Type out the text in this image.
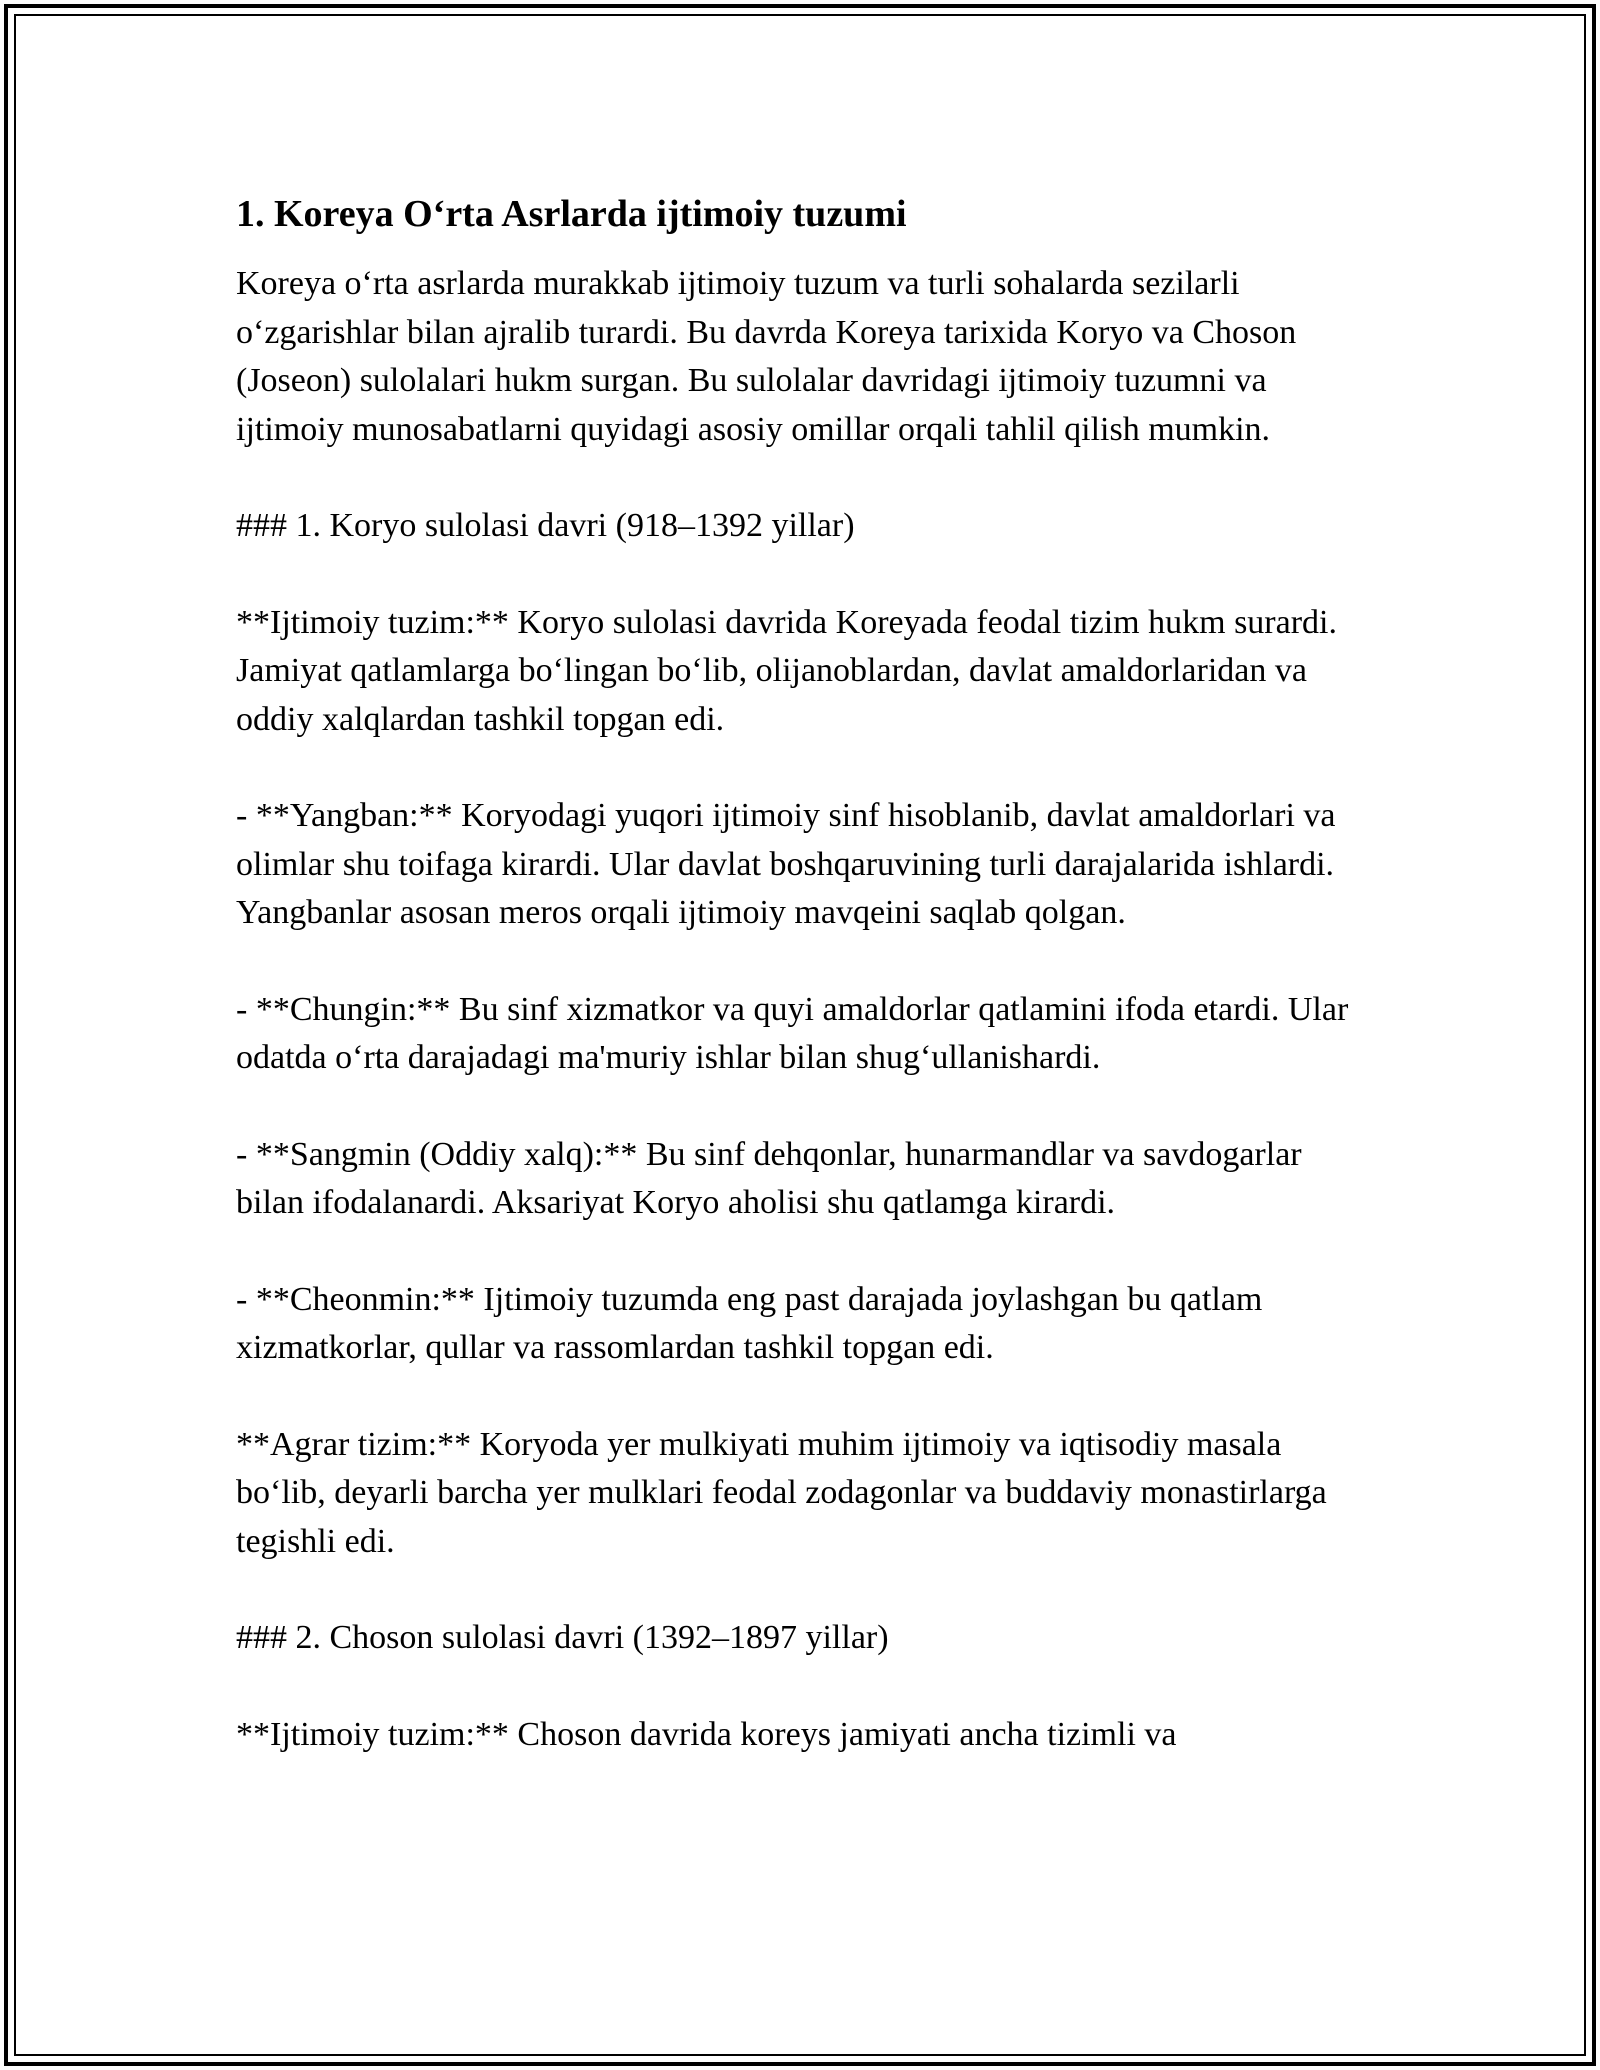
1. Koreya O‘rta Asrlarda ijtimoiy tuzumi

Koreya o‘rta asrlarda murakkab ijtimoiy tuzum va turli sohalarda sezilarli o‘zgarishlar bilan ajralib turardi. Bu davrda Koreya tarixida Koryo va Choson (Joseon) sulolalari hukm surgan. Bu sulolalar davridagi ijtimoiy tuzumni va ijtimoiy munosabatlarni quyidagi asosiy omillar orqali tahlil qilish mumkin.

### 1. Koryo sulolasi davri (918–1392 yillar)

**Ijtimoiy tuzim:** Koryo sulolasi davrida Koreyada feodal tizim hukm surardi. Jamiyat qatlamlarga bo‘lingan bo‘lib, olijanoblardan, davlat amaldorlaridan va oddiy xalqlardan tashkil topgan edi.

- **Yangban:** Koryodagi yuqori ijtimoiy sinf hisoblanib, davlat amaldorlari va olimlar shu toifaga kirardi. Ular davlat boshqaruvining turli darajalarida ishlardi. Yangbanlar asosan meros orqali ijtimoiy mavqeini saqlab qolgan.

- **Chungin:** Bu sinf xizmatkor va quyi amaldorlar qatlamini ifoda etardi. Ular odatda o‘rta darajadagi ma'muriy ishlar bilan shug‘ullanishardi.

- **Sangmin (Oddiy xalq):** Bu sinf dehqonlar, hunarmandlar va savdogarlar bilan ifodalanardi. Aksariyat Koryo aholisi shu qatlamga kirardi.

- **Cheonmin:** Ijtimoiy tuzumda eng past darajada joylashgan bu qatlam xizmatkorlar, qullar va rassomlardan tashkil topgan edi.

**Agrar tizim:** Koryoda yer mulkiyati muhim ijtimoiy va iqtisodiy masala bo‘lib, deyarli barcha yer mulklari feodal zodagonlar va buddaviy monastirlarga tegishli edi.

### 2. Choson sulolasi davri (1392–1897 yillar)

**Ijtimoiy tuzim:** Choson davrida koreys jamiyati ancha tizimli va
